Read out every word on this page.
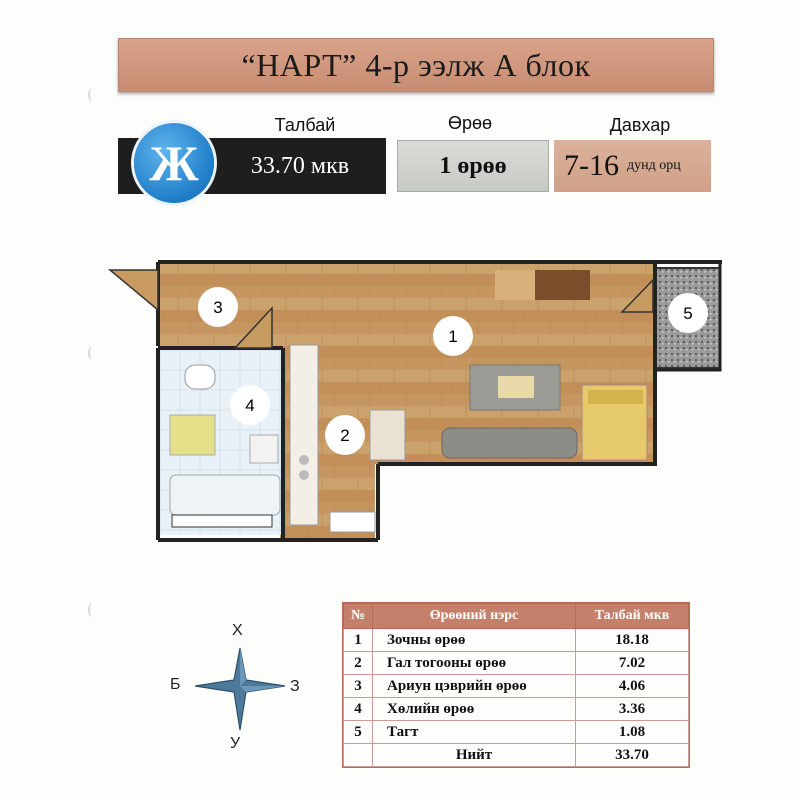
“НАРТ” 4-р ээлж А блок
Талбай	Өрөө	Давхар
33.70 мкв
Ж	1 өрөө 7-16 дунд орц
1
2
3
4
5
Х
У
Б	З
№	Өрөөний нэрс	Талбай мкв
1	Зочны өрөө	18.18
2	Гал тогооны өрөө	7.02
3	Ариун цэврийн өрөө	4.06
4	Хөлийн өрөө	3.36
5	Тагт	1.08
	Нийт	33.70
